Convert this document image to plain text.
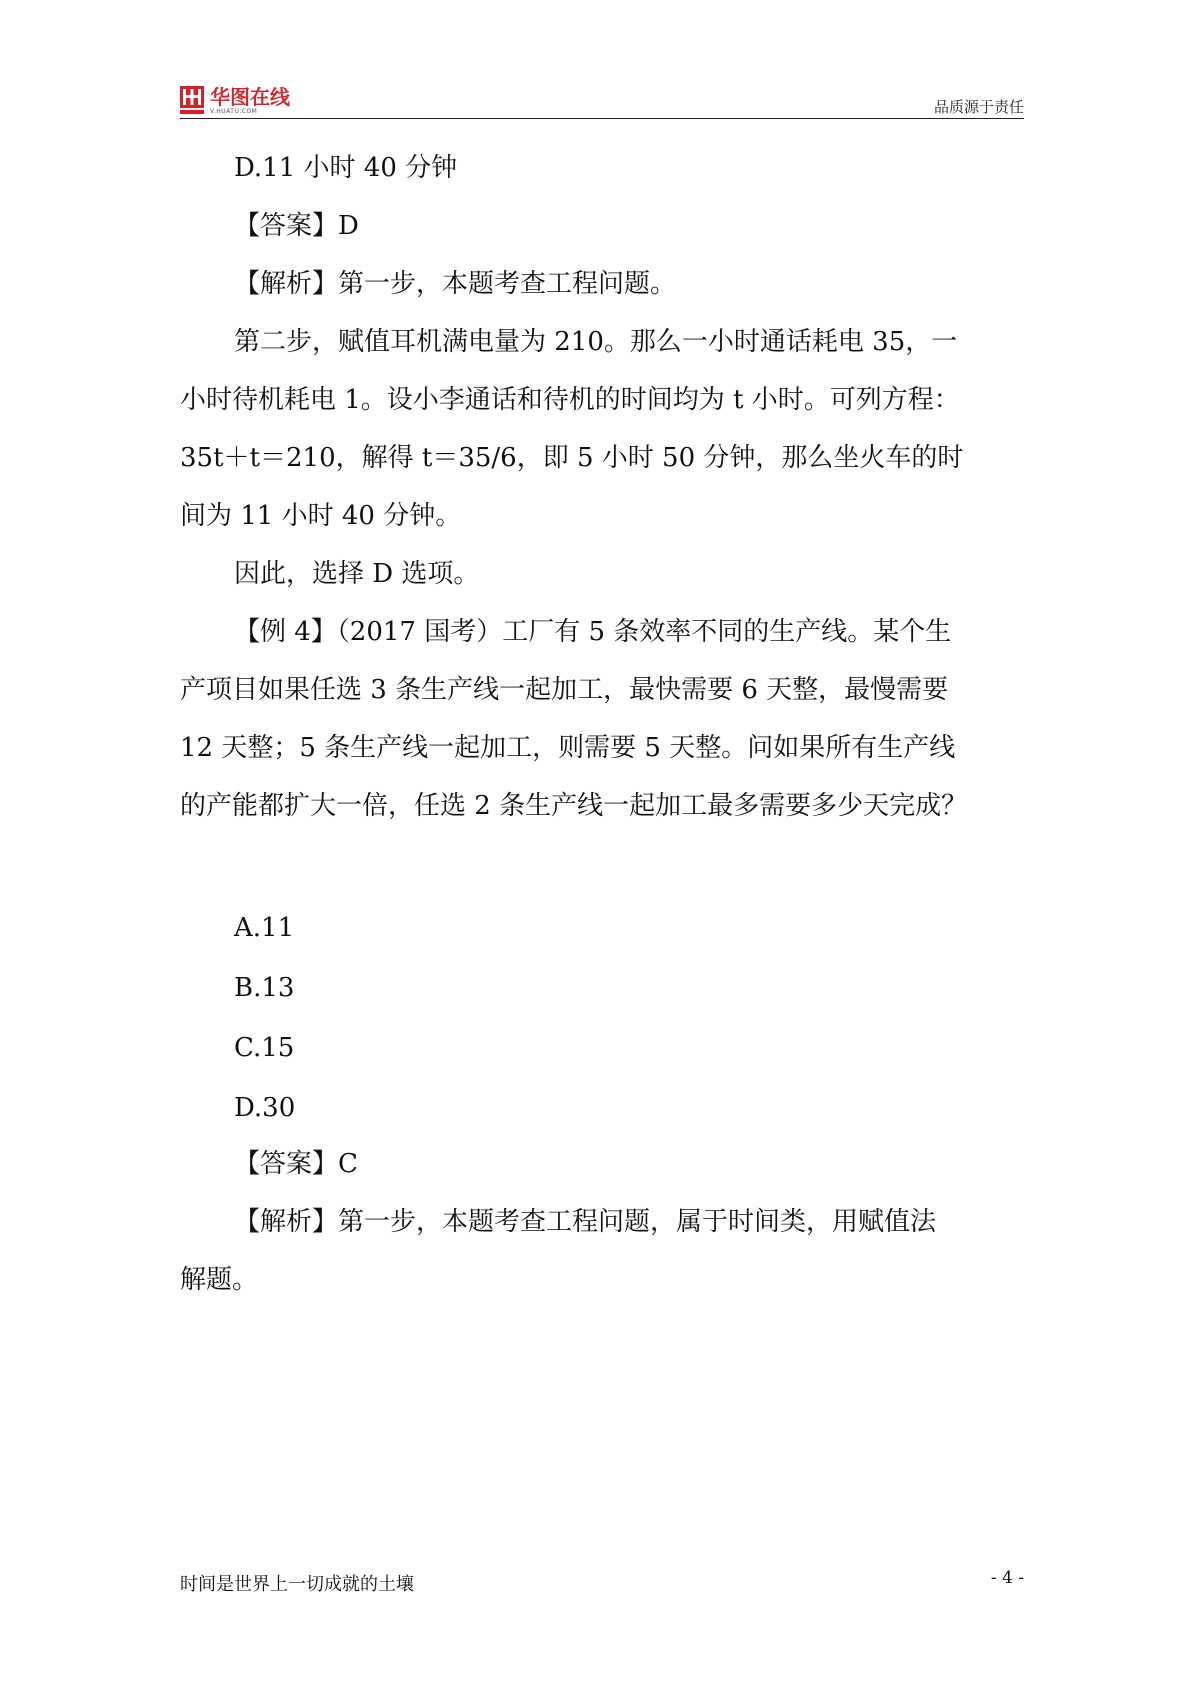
华图在线
V.HUATU.COM	品质源于责任

D.11 小时 40 分钟

【答案】D

【解析】第一步，本题考查工程问题。

第二步，赋值耳机满电量为 210。那么一小时通话耗电 35，一

小时待机耗电 1。设小李通话和待机的时间均为 t 小时。可列方程：

35t＋t＝210，解得 t＝35/6，即 5 小时 50 分钟，那么坐火车的时

间为 11 小时 40 分钟。

因此，选择 D 选项。

【例 4】（2017 国考）工厂有 5 条效率不同的生产线。某个生

产项目如果任选 3 条生产线一起加工，最快需要 6 天整，最慢需要

12 天整；5 条生产线一起加工，则需要 5 天整。问如果所有生产线

的产能都扩大一倍，任选 2 条生产线一起加工最多需要多少天完成？

A.11

B.13

C.15

D.30

【答案】C

【解析】第一步，本题考查工程问题，属于时间类，用赋值法

解题。

时间是世界上一切成就的土壤	- 4 -
